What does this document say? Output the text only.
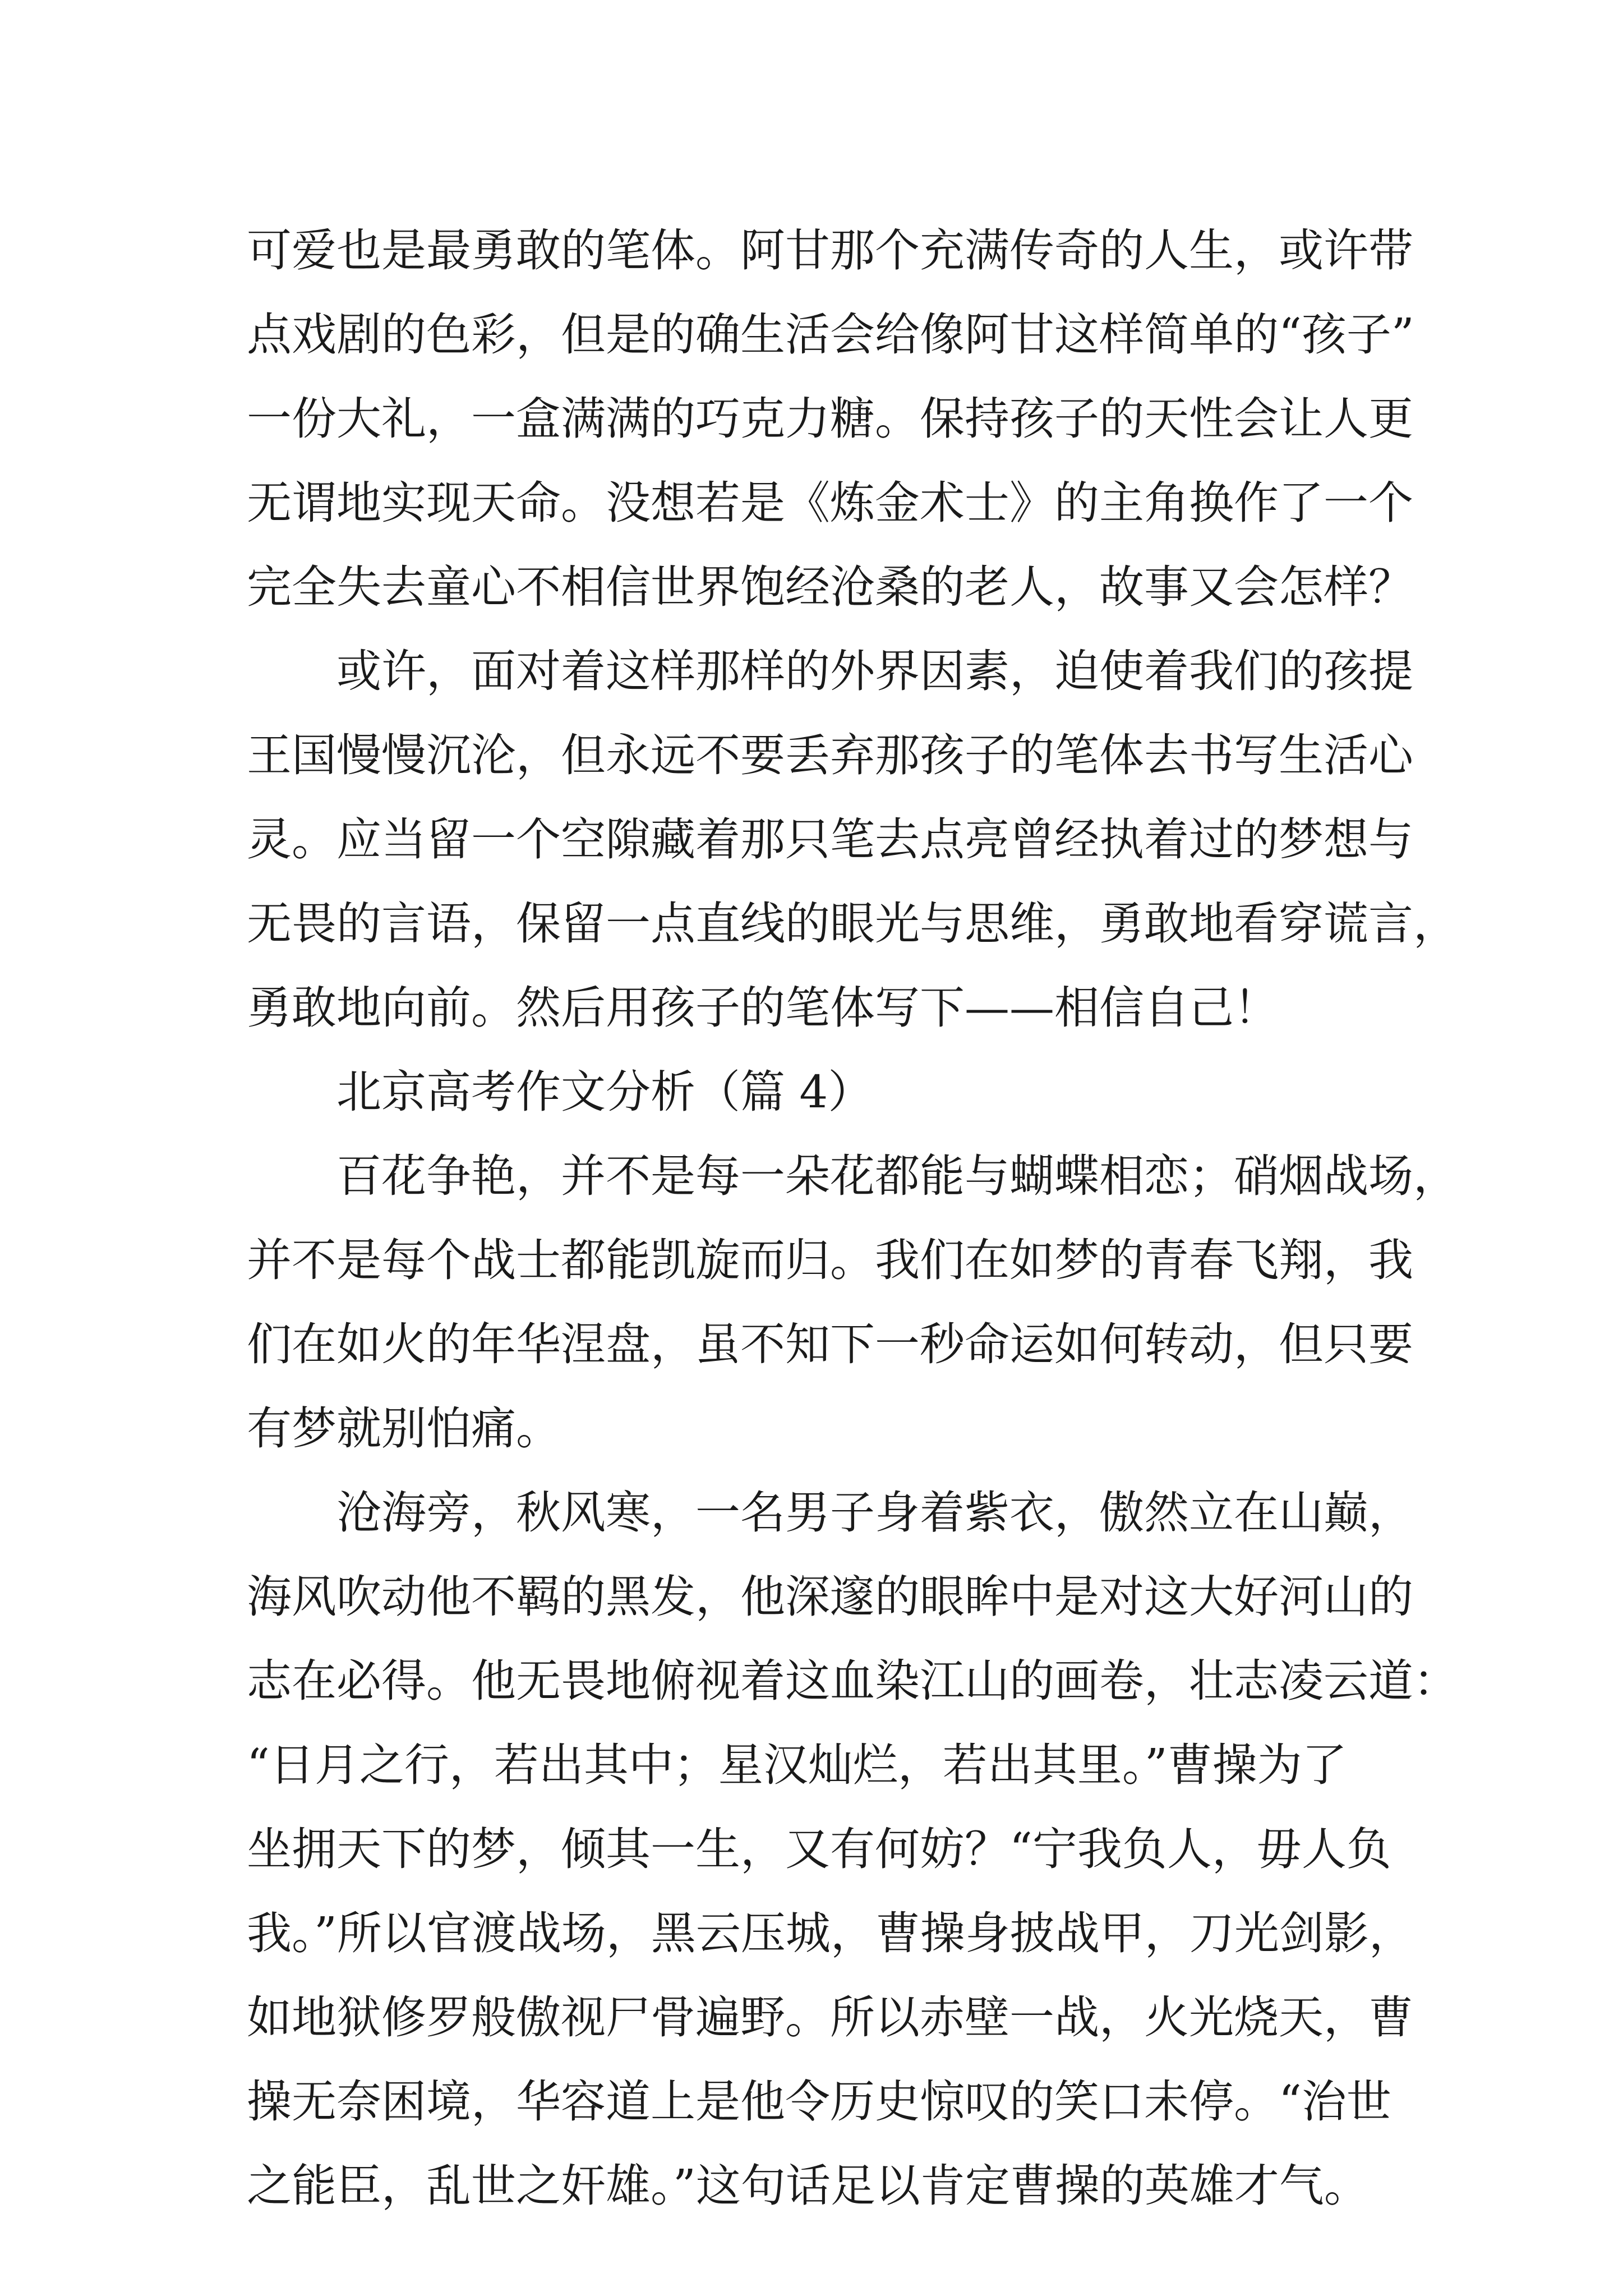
可爱也是最勇敢的笔体。阿甘那个充满传奇的人生，或许带
点戏剧的色彩，但是的确生活会给像阿甘这样简单的“孩子”
一份大礼，一盒满满的巧克力糖。保持孩子的天性会让人更
无谓地实现天命。没想若是《炼金术士》的主角换作了一个
完全失去童心不相信世界饱经沧桑的老人，故事又会怎样？
或许，面对着这样那样的外界因素，迫使着我们的孩提
王国慢慢沉沦，但永远不要丢弃那孩子的笔体去书写生活心
灵。应当留一个空隙藏着那只笔去点亮曾经执着过的梦想与
无畏的言语，保留一点直线的眼光与思维，勇敢地看穿谎言，
勇敢地向前。然后用孩子的笔体写下——相信自己！
北京高考作文分析（篇 4）
百花争艳，并不是每一朵花都能与蝴蝶相恋；硝烟战场，
并不是每个战士都能凯旋而归。我们在如梦的青春飞翔，我
们在如火的年华涅盘，虽不知下一秒命运如何转动，但只要
有梦就别怕痛。
沧海旁，秋风寒，一名男子身着紫衣，傲然立在山巅，
海风吹动他不羁的黑发，他深邃的眼眸中是对这大好河山的
志在必得。他无畏地俯视着这血染江山的画卷，壮志凌云道：
“日月之行，若出其中；星汉灿烂，若出其里。”曹操为了
坐拥天下的梦，倾其一生，又有何妨？“宁我负人，毋人负
我。”所以官渡战场，黑云压城，曹操身披战甲，刀光剑影，
如地狱修罗般傲视尸骨遍野。所以赤壁一战，火光烧天，曹
操无奈困境，华容道上是他令历史惊叹的笑口未停。“治世
之能臣，乱世之奸雄。”这句话足以肯定曹操的英雄才气。
